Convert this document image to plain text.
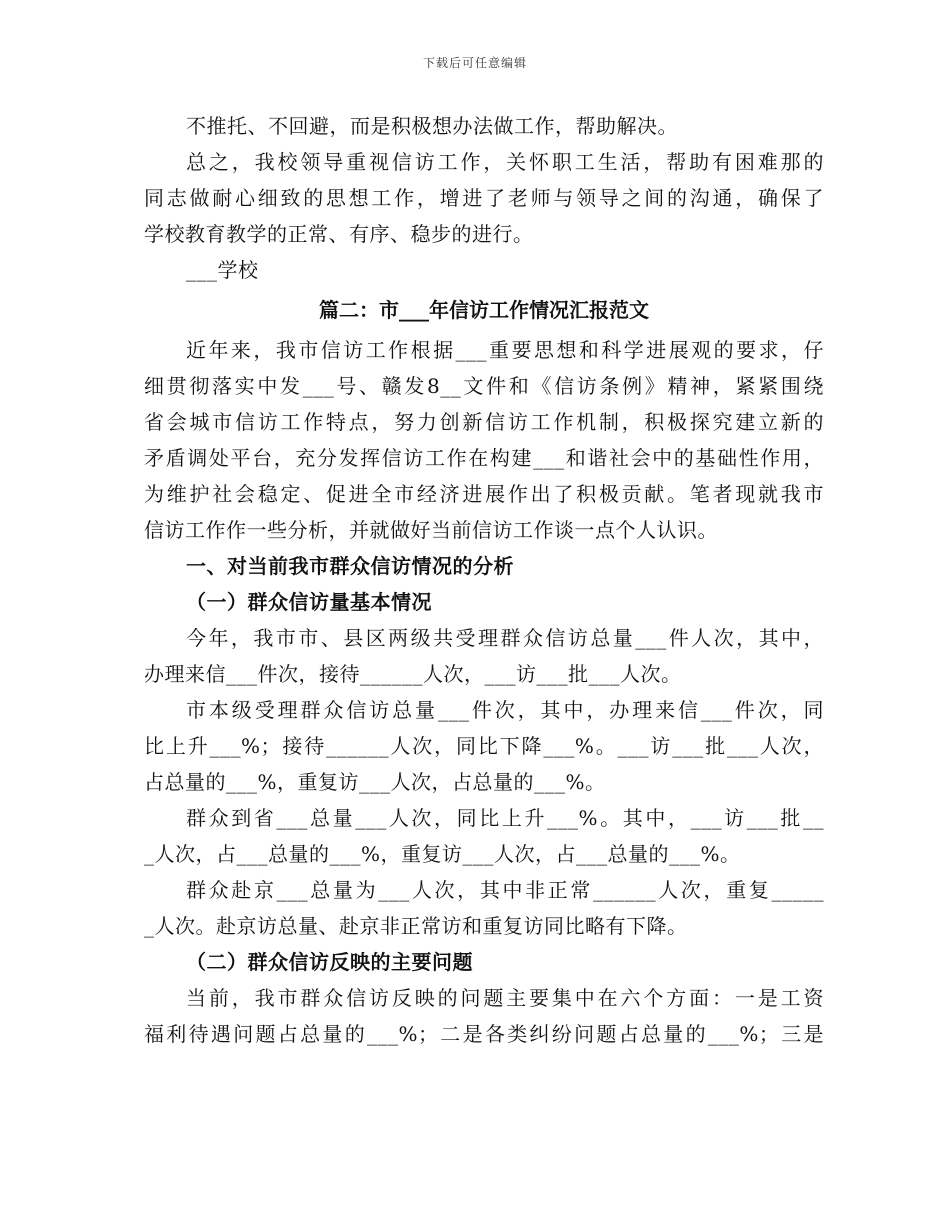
下载后可任意编辑
不推托、不回避，而是积极想办法做工作，帮助解决。
总之，我校领导重视信访工作，关怀职工生活，帮助有困难那的
同志做耐心细致的思想工作，增进了老师与领导之间的沟通，确保了
学校教育教学的正常、有序、稳步的进行。
___学校
篇二：市___年信访工作情况汇报范文
近年来，我市信访工作根据___重要思想和科学进展观的要求，仔
细贯彻落实中发___号、赣发8__文件和《信访条例》精神，紧紧围绕
省会城市信访工作特点，努力创新信访工作机制，积极探究建立新的
矛盾调处平台，充分发挥信访工作在构建___和谐社会中的基础性作用，
为维护社会稳定、促进全市经济进展作出了积极贡献。笔者现就我市
信访工作作一些分析，并就做好当前信访工作谈一点个人认识。
一、对当前我市群众信访情况的分析
（一）群众信访量基本情况
今年，我市市、县区两级共受理群众信访总量___件人次，其中，
办理来信___件次，接待______人次，___访___批___人次。
市本级受理群众信访总量___件次，其中，办理来信___件次，同
比上升___%；接待______人次，同比下降___%。___访___批___人次，
占总量的___%，重复访___人次，占总量的___%。
群众到省___总量___人次，同比上升___%。其中，___访___批__
_人次，占___总量的___%，重复访___人次，占___总量的___%。
群众赴京___总量为___人次，其中非正常______人次，重复_____
_人次。赴京访总量、赴京非正常访和重复访同比略有下降。
（二）群众信访反映的主要问题
当前，我市群众信访反映的问题主要集中在六个方面：一是工资
福利待遇问题占总量的___%；二是各类纠纷问题占总量的___%；三是
